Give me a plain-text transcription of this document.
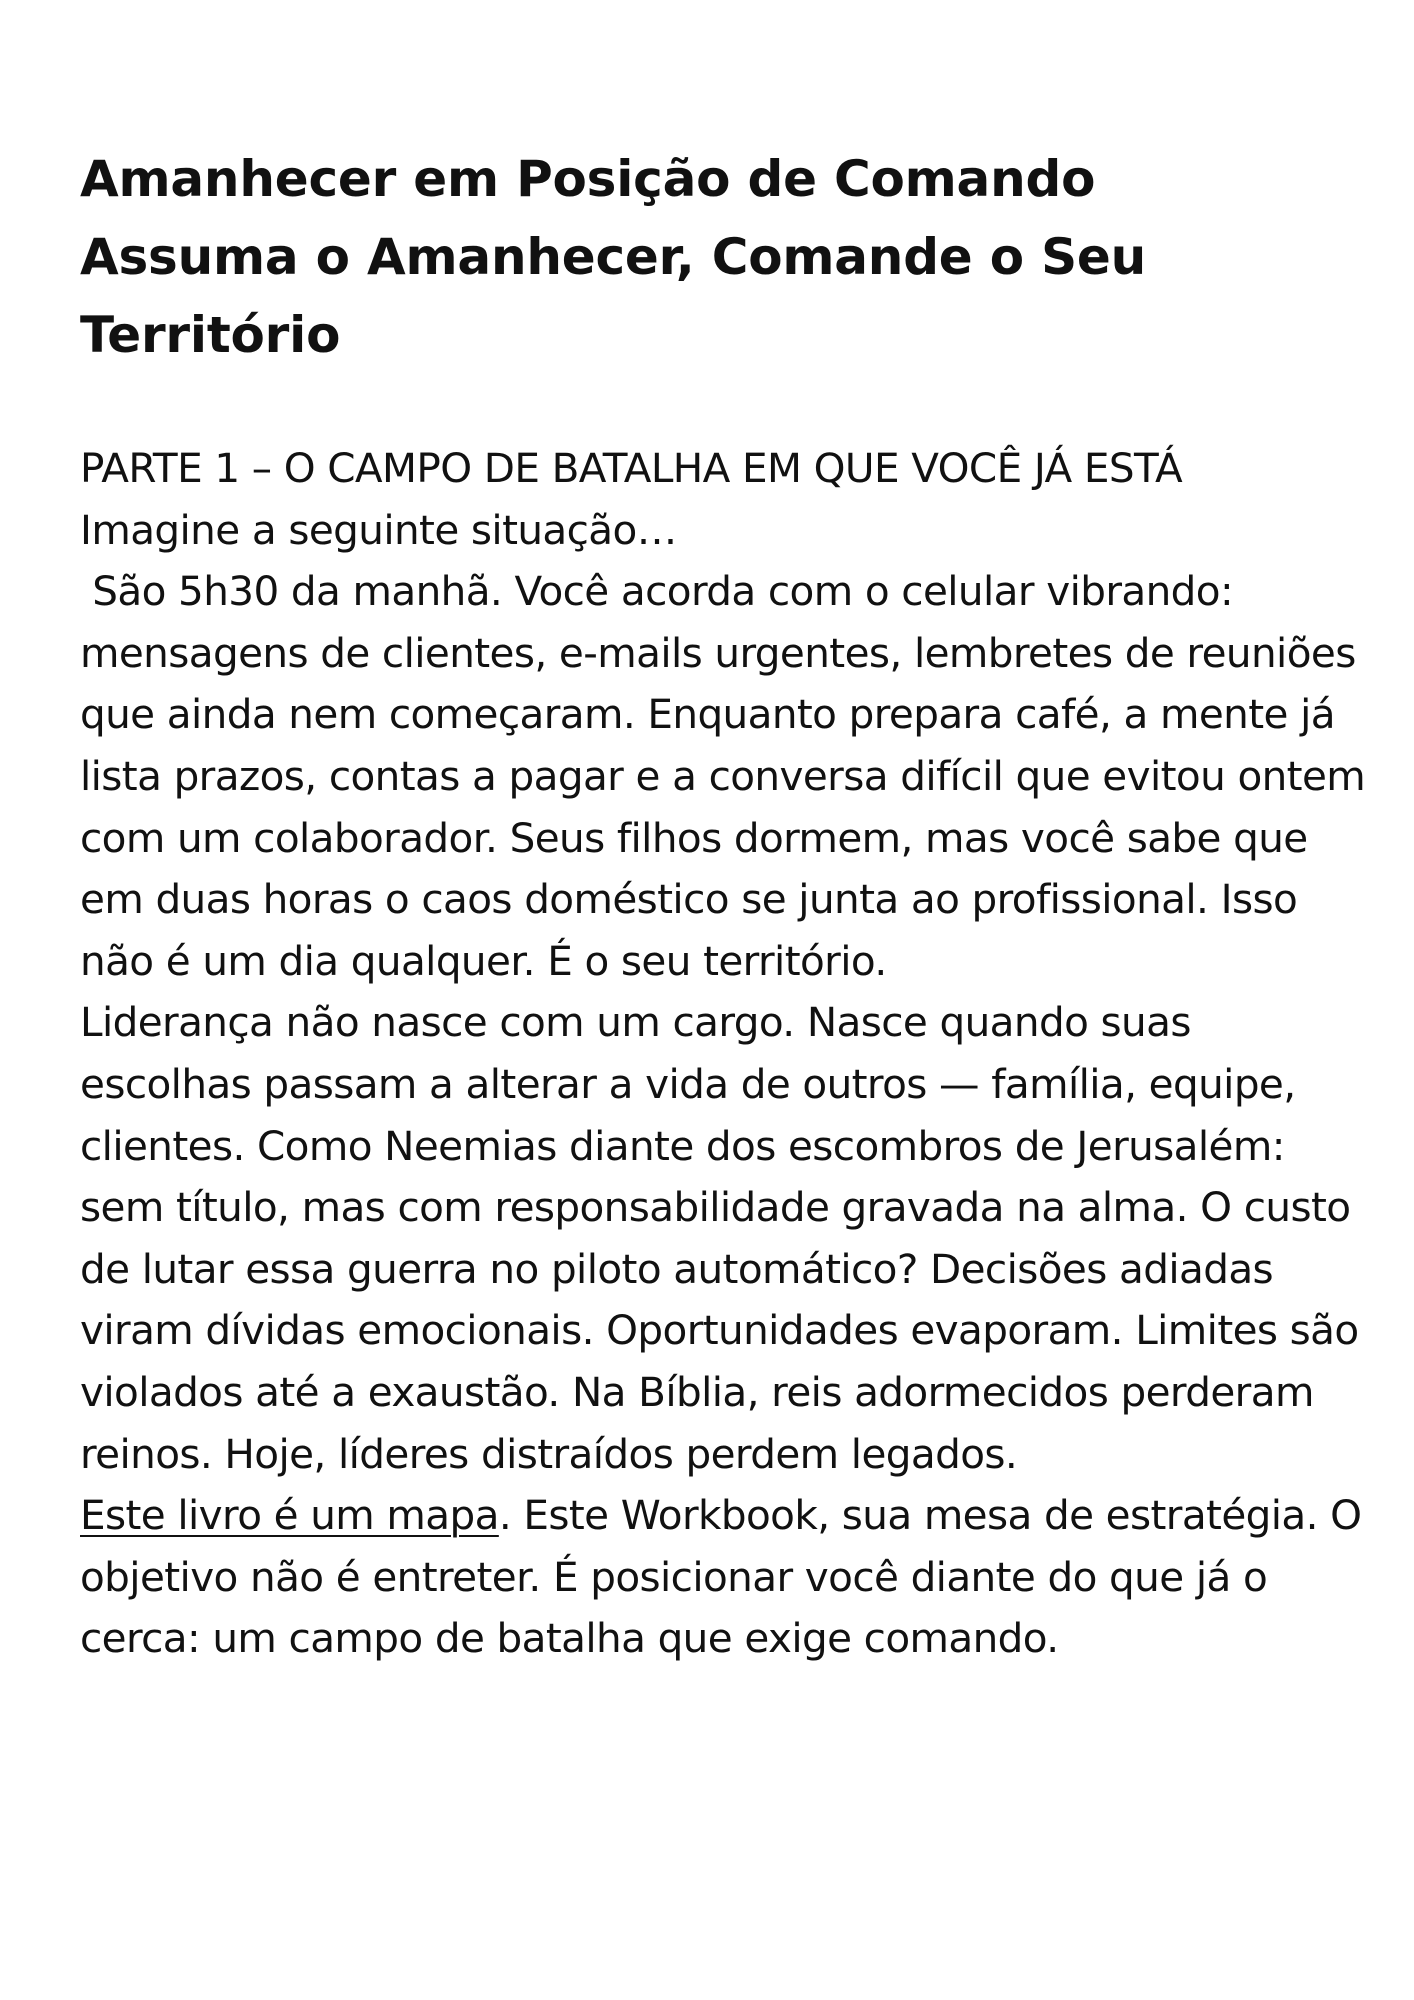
Amanhecer em Posição de Comando
Assuma o Amanhecer, Comande o Seu Território

PARTE 1 – O CAMPO DE BATALHA EM QUE VOCÊ JÁ ESTÁ

Imagine a seguinte situação…

São 5h30 da manhã. Você acorda com o celular vibrando: mensagens de clientes, e-mails urgentes, lembretes de reuniões que ainda nem começaram. Enquanto prepara café, a mente já lista prazos, contas a pagar e a conversa difícil que evitou ontem com um colaborador. Seus filhos dormem, mas você sabe que em duas horas o caos doméstico se junta ao profissional. Isso não é um dia qualquer. É o seu território.

Liderança não nasce com um cargo. Nasce quando suas escolhas passam a alterar a vida de outros — família, equipe, clientes. Como Neemias diante dos escombros de Jerusalém: sem título, mas com responsabilidade gravada na alma. O custo de lutar essa guerra no piloto automático? Decisões adiadas viram dívidas emocionais. Oportunidades evaporam. Limites são violados até a exaustão. Na Bíblia, reis adormecidos perderam reinos. Hoje, líderes distraídos perdem legados.

Este livro é um mapa. Este Workbook, sua mesa de estratégia. O objetivo não é entreter. É posicionar você diante do que já o cerca: um campo de batalha que exige comando.
